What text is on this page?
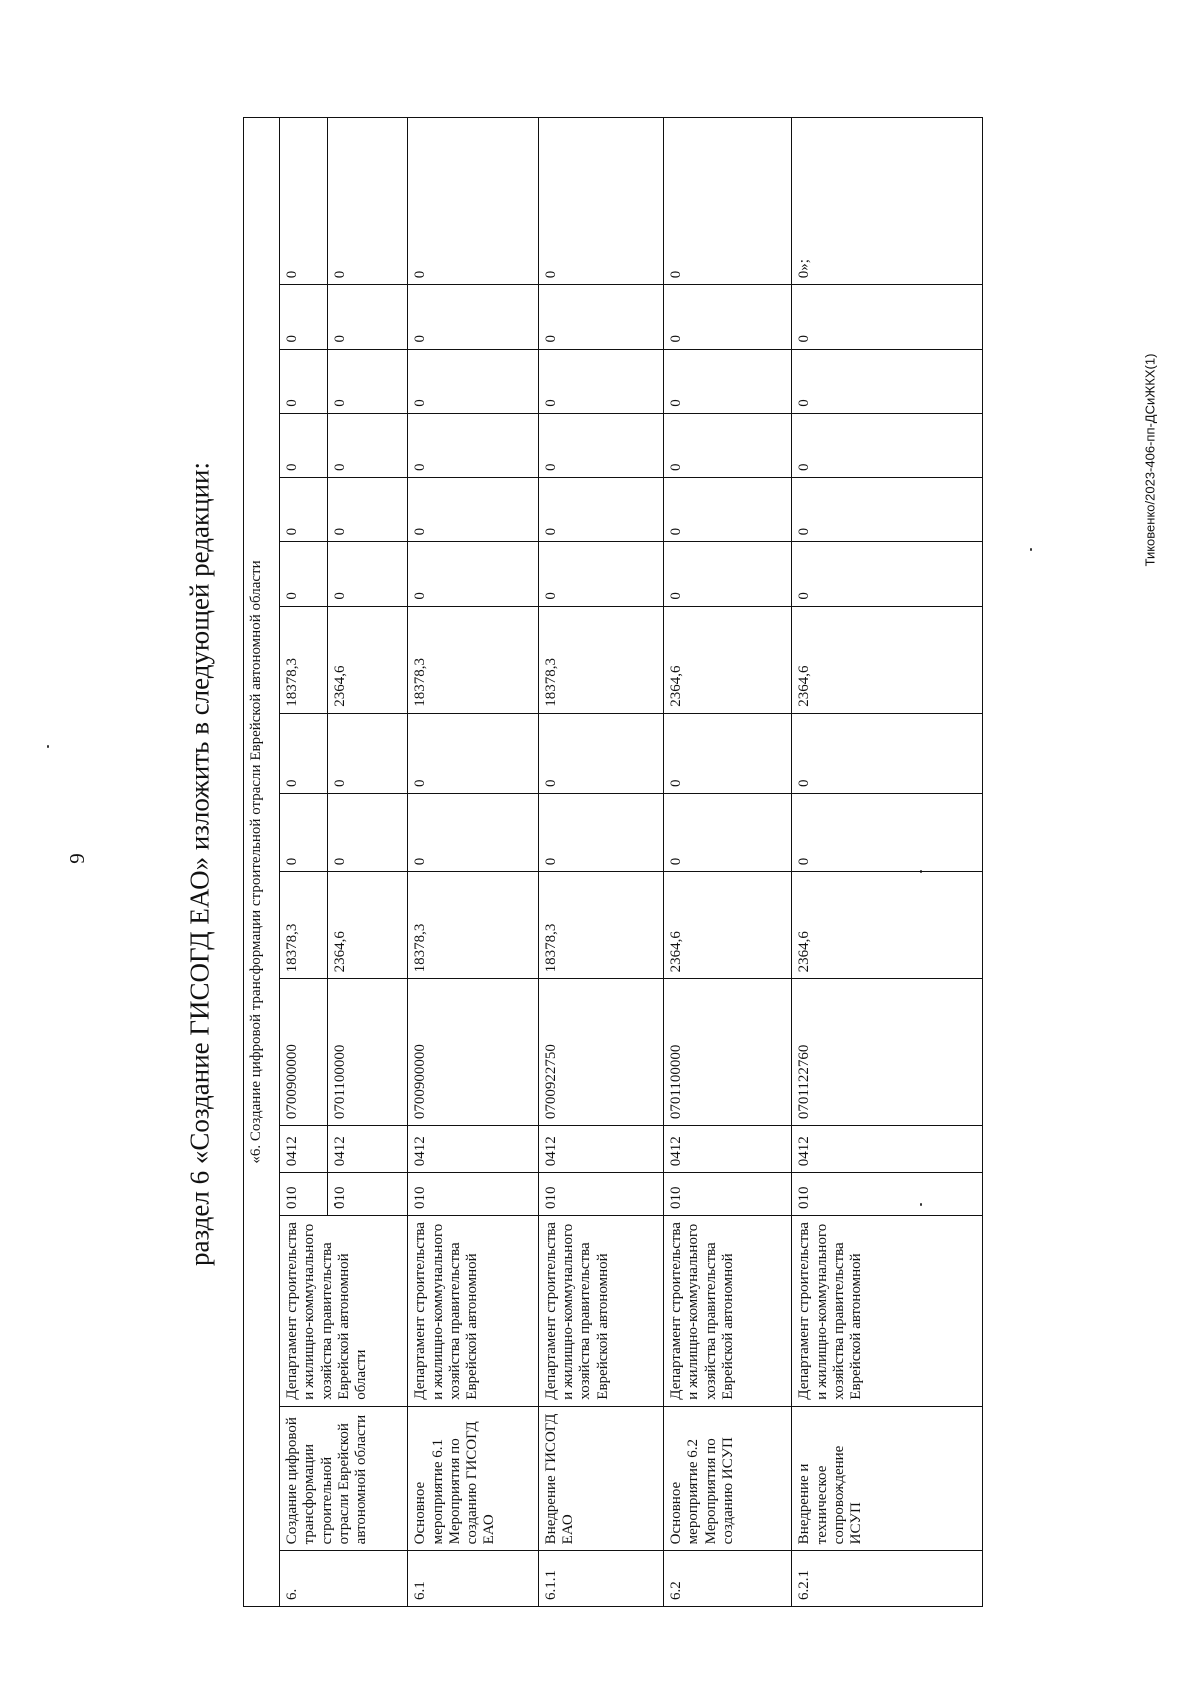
9	раздел 6 «Создание ГИСОГД ЕАО» изложить в следующей редакции:
Тиковенко/2023-406-пп-ДСиЖКХ(1)
«6. Создание цифровой трансформации строительной отрасли Еврейской автономной области															
6.	Создание цифровой трансформации строительной отрасли Еврейской автономной области	Департамент строительства и жилищно-коммунального хозяйства правительства Еврейской автономной области	010	0412	0700900000	18378,3	0	0	18378,3	0	0	0	0	0	0
			010	0412	0701100000	2364,6	0	0	2364,6	0	0	0	0	0	0
6.1	Основное мероприятие 6.1 Мероприятия по созданию ГИСОГД ЕАО	Департамент строительства и жилищно-коммунального хозяйства правительства Еврейской автономной	010	0412	0700900000	18378,3	0	0	18378,3	0	0	0	0	0	0
6.1.1	Внедрение ГИСОГД ЕАО	Департамент строительства и жилищно-коммунального хозяйства правительства Еврейской автономной	010	0412	0700922750	18378,3	0	0	18378,3	0	0	0	0	0	0
6.2	Основное мероприятие 6.2 Мероприятия по созданию ИСУП	Департамент строительства и жилищно-коммунального хозяйства правительства Еврейской автономной	010	0412	0701100000	2364,6	0	0	2364,6	0	0	0	0	0	0
6.2.1	Внедрение и техническое сопровождение ИСУП	Департамент строительства и жилищно-коммунального хозяйства правительства Еврейской автономной	010	0412	0701122760	2364,6	0	0	2364,6	0	0	0	0	0	0»;
